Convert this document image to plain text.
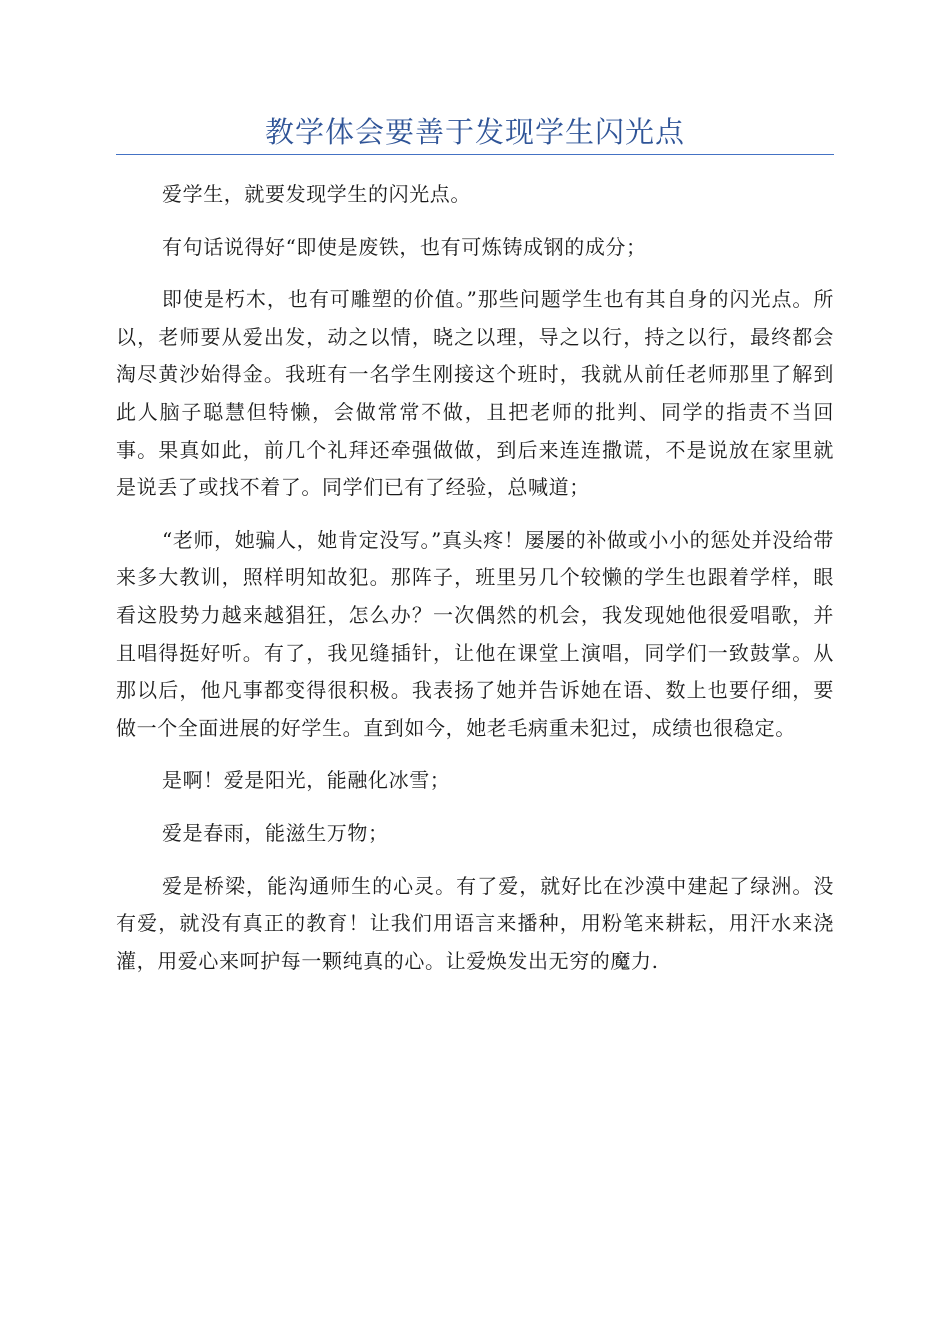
教学体会要善于发现学生闪光点

爱学生，就要发现学生的闪光点。

有句话说得好“即使是废铁，也有可炼铸成钢的成分；

即使是朽木，也有可雕塑的价值。”那些问题学生也有其自身的闪光点。所以，老师要从爱出发，动之以情，晓之以理，导之以行，持之以行，最终都会淘尽黄沙始得金。我班有一名学生刚接这个班时，我就从前任老师那里了解到此人脑子聪慧但特懒，会做常常不做，且把老师的批判、同学的指责不当回事。果真如此，前几个礼拜还牵强做做，到后来连连撒谎，不是说放在家里就是说丢了或找不着了。同学们已有了经验，总喊道；

“老师，她骗人，她肯定没写。”真头疼！屡屡的补做或小小的惩处并没给带来多大教训，照样明知故犯。那阵子，班里另几个较懒的学生也跟着学样，眼看这股势力越来越猖狂，怎么办？一次偶然的机会，我发现她他很爱唱歌，并且唱得挺好听。有了，我见缝插针，让他在课堂上演唱，同学们一致鼓掌。从那以后，他凡事都变得很积极。我表扬了她并告诉她在语、数上也要仔细，要做一个全面进展的好学生。直到如今，她老毛病重未犯过，成绩也很稳定。

是啊！爱是阳光，能融化冰雪；

爱是春雨，能滋生万物；

爱是桥梁，能沟通师生的心灵。有了爱，就好比在沙漠中建起了绿洲。没有爱，就没有真正的教育！让我们用语言来播种，用粉笔来耕耘，用汗水来浇灌，用爱心来呵护每一颗纯真的心。让爱焕发出无穷的魔力.
